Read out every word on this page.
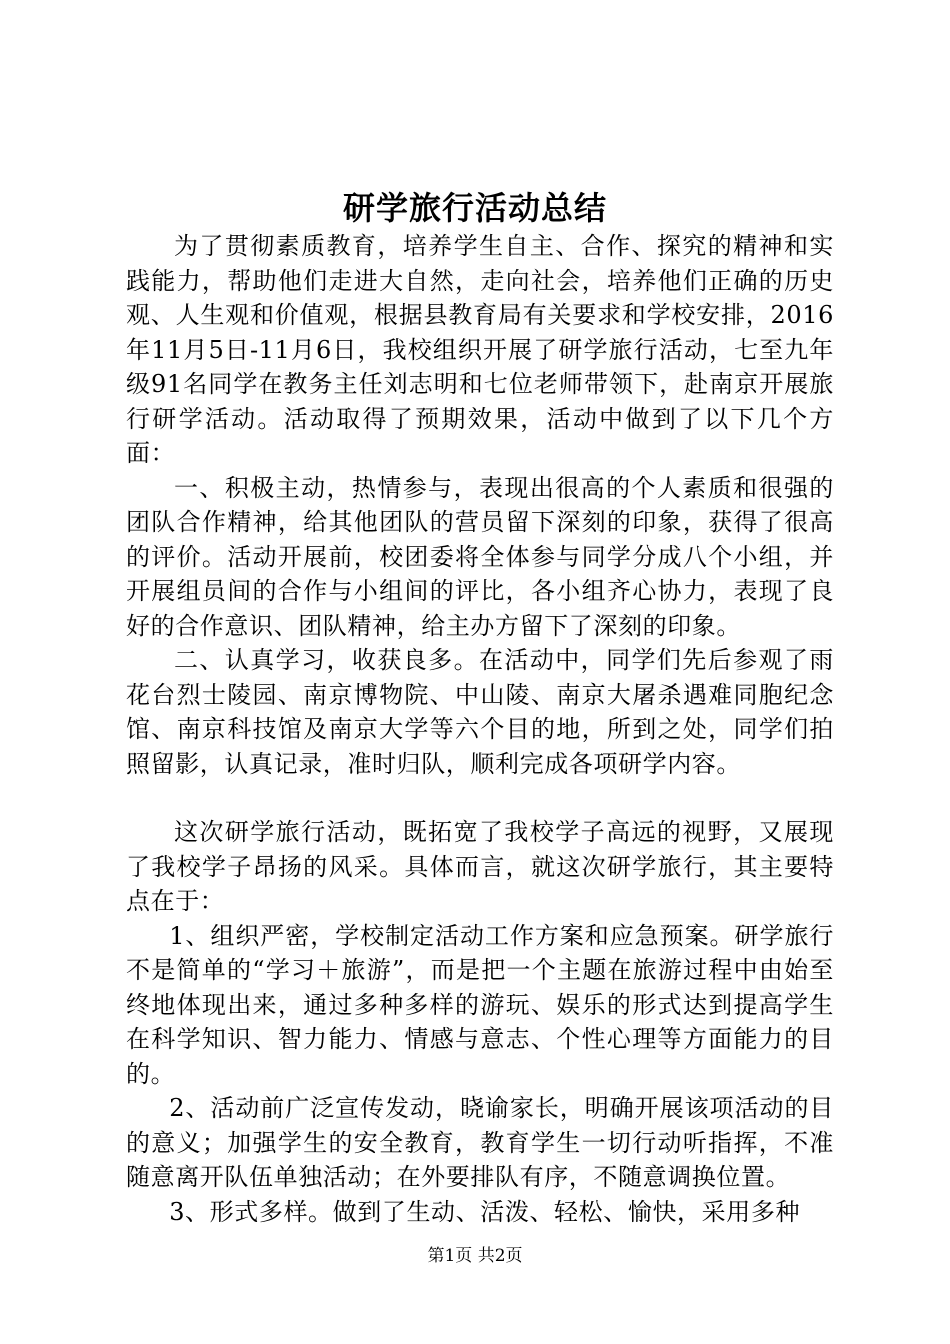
研学旅行活动总结

为了贯彻素质教育，培养学生自主、合作、探究的精神和实践能力，帮助他们走进大自然，走向社会，培养他们正确的历史观、人生观和价值观，根据县教育局有关要求和学校安排，2016年11月5日-11月6日，我校组织开展了研学旅行活动，七至九年级91名同学在教务主任刘志明和七位老师带领下，赴南京开展旅行研学活动。活动取得了预期效果，活动中做到了以下几个方面：

一、积极主动，热情参与，表现出很高的个人素质和很强的团队合作精神，给其他团队的营员留下深刻的印象，获得了很高的评价。活动开展前，校团委将全体参与同学分成八个小组，并开展组员间的合作与小组间的评比，各小组齐心协力，表现了良好的合作意识、团队精神，给主办方留下了深刻的印象。

二、认真学习，收获良多。在活动中，同学们先后参观了雨花台烈士陵园、南京博物院、中山陵、南京大屠杀遇难同胞纪念馆、南京科技馆及南京大学等六个目的地，所到之处，同学们拍照留影，认真记录，准时归队，顺利完成各项研学内容。

这次研学旅行活动，既拓宽了我校学子高远的视野，又展现了我校学子昂扬的风采。具体而言，就这次研学旅行，其主要特点在于：

1、组织严密，学校制定活动工作方案和应急预案。研学旅行不是简单的“学习＋旅游”，而是把一个主题在旅游过程中由始至终地体现出来，通过多种多样的游玩、娱乐的形式达到提高学生在科学知识、智力能力、情感与意志、个性心理等方面能力的目的。

2、活动前广泛宣传发动，晓谕家长，明确开展该项活动的目的意义；加强学生的安全教育，教育学生一切行动听指挥，不准随意离开队伍单独活动；在外要排队有序，不随意调换位置。

3、形式多样。做到了生动、活泼、轻松、愉快，采用多种

第1页 共2页
